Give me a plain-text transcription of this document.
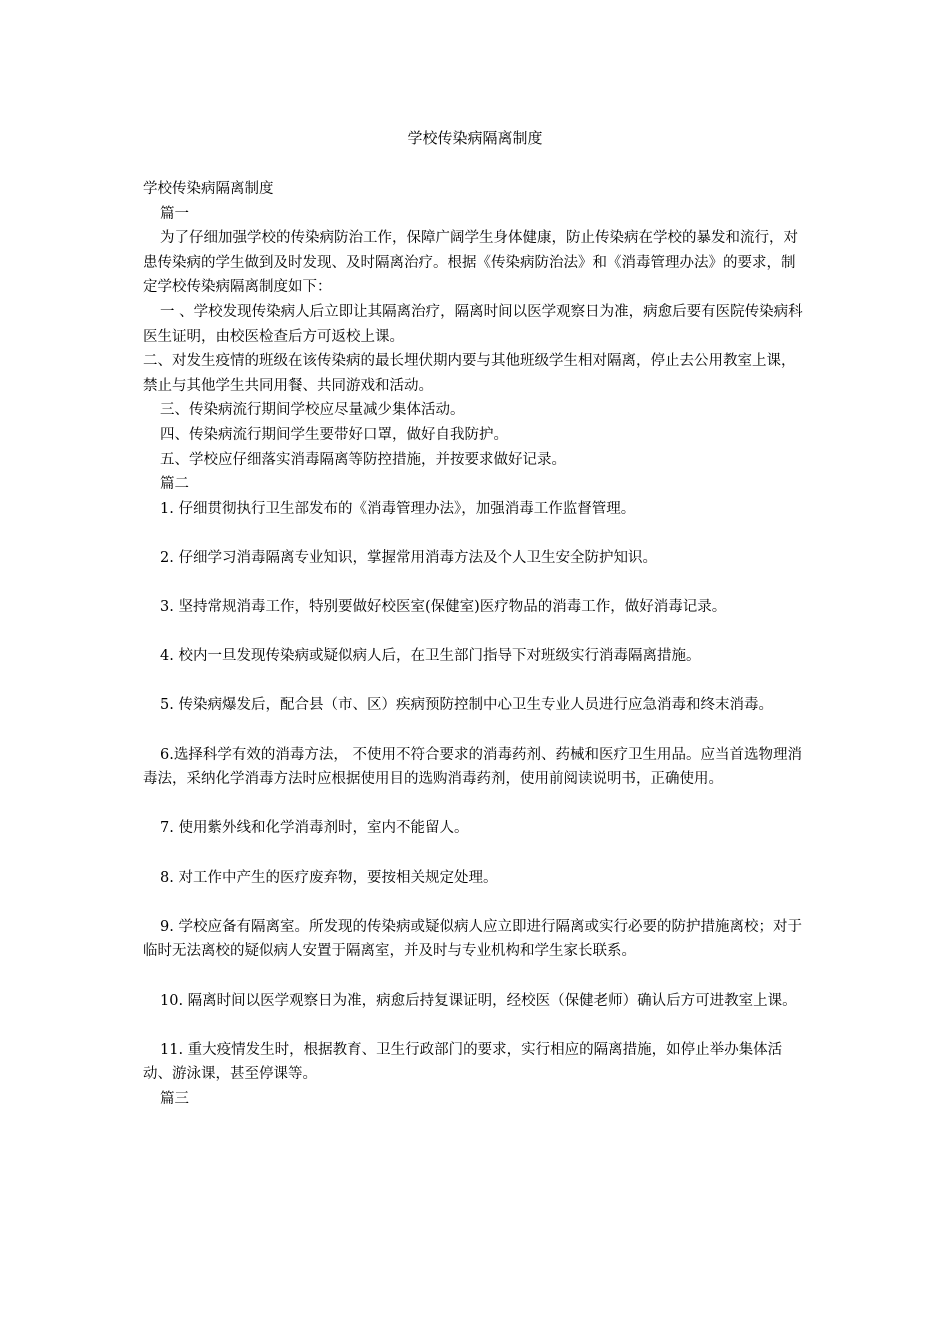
学校传染病隔离制度

学校传染病隔离制度

篇一

为了仔细加强学校的传染病防治工作，保障广阔学生身体健康，防止传染病在学校的暴发和流行，对患传染病的学生做到及时发现、及时隔离治疗。根据《传染病防治法》和《消毒管理办法》的要求，制定学校传染病隔离制度如下：

一 、学校发现传染病人后立即让其隔离治疗，隔离时间以医学观察日为准，病愈后要有医院传染病科医生证明，由校医检查后方可返校上课。

二、对发生疫情的班级在该传染病的最长埋伏期内要与其他班级学生相对隔离，停止去公用教室上课，禁止与其他学生共同用餐、共同游戏和活动。

三、传染病流行期间学校应尽量减少集体活动。

四、传染病流行期间学生要带好口罩，做好自我防护。

五、学校应仔细落实消毒隔离等防控措施，并按要求做好记录。

篇二

1. 仔细贯彻执行卫生部发布的《消毒管理办法》，加强消毒工作监督管理。

2. 仔细学习消毒隔离专业知识，掌握常用消毒方法及个人卫生安全防护知识。

3. 坚持常规消毒工作，特别要做好校医室(保健室)医疗物品的消毒工作，做好消毒记录。

4. 校内一旦发现传染病或疑似病人后，在卫生部门指导下对班级实行消毒隔离措施。

5. 传染病爆发后，配合县（市、区）疾病预防控制中心卫生专业人员进行应急消毒和终末消毒。

6.选择科学有效的消毒方法， 不使用不符合要求的消毒药剂、药械和医疗卫生用品。应当首选物理消毒法，采纳化学消毒方法时应根据使用目的选购消毒药剂，使用前阅读说明书，正确使用。

7. 使用紫外线和化学消毒剂时，室内不能留人。

8. 对工作中产生的医疗废弃物，要按相关规定处理。

9. 学校应备有隔离室。所发现的传染病或疑似病人应立即进行隔离或实行必要的防护措施离校；对于临时无法离校的疑似病人安置于隔离室，并及时与专业机构和学生家长联系。

10. 隔离时间以医学观察日为准，病愈后持复课证明，经校医（保健老师）确认后方可进教室上课。

11. 重大疫情发生时，根据教育、卫生行政部门的要求，实行相应的隔离措施，如停止举办集体活动、游泳课，甚至停课等。

篇三
